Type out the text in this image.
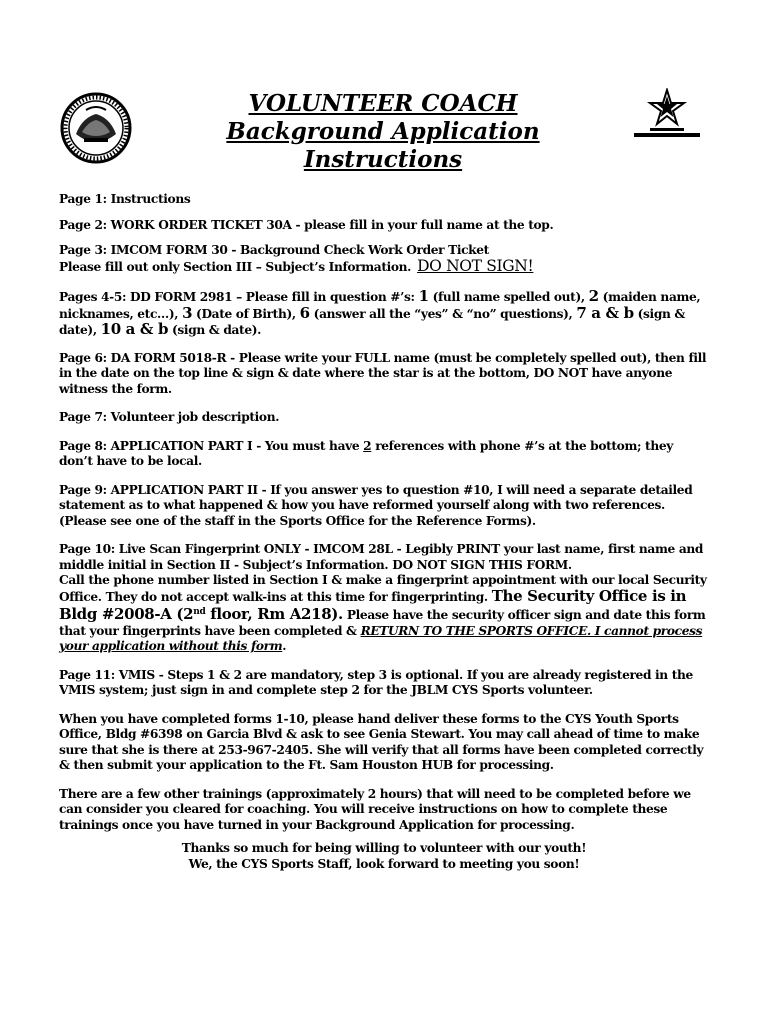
VOLUNTEER COACH
Background Application
Instructions

Page 1: Instructions

Page 2: WORK ORDER TICKET 30A - please fill in your full name at the top.

Page 3: IMCOM FORM 30 - Background Check Work Order Ticket
Please fill out only Section III – Subject’s Information. DO NOT SIGN!

Pages 4-5: DD FORM 2981 – Please fill in question #’s: 1 (full name spelled out), 2 (maiden name, nicknames, etc…), 3 (Date of Birth), 6 (answer all the “yes” & “no” questions), 7 a & b (sign & date), 10 a & b (sign & date).

Page 6: DA FORM 5018-R - Please write your FULL name (must be completely spelled out), then fill in the date on the top line & sign & date where the star is at the bottom, DO NOT have anyone witness the form.

Page 7: Volunteer job description.

Page 8: APPLICATION PART I - You must have 2 references with phone #’s at the bottom; they don’t have to be local.

Page 9: APPLICATION PART II - If you answer yes to question #10, I will need a separate detailed statement as to what happened & how you have reformed yourself along with two references. (Please see one of the staff in the Sports Office for the Reference Forms).

Page 10: Live Scan Fingerprint ONLY - IMCOM 28L - Legibly PRINT your last name, first name and middle initial in Section II - Subject’s Information. DO NOT SIGN THIS FORM.
Call the phone number listed in Section I & make a fingerprint appointment with our local Security Office. They do not accept walk-ins at this time for fingerprinting. The Security Office is in Bldg #2008-A (2nd floor, Rm A218). Please have the security officer sign and date this form that your fingerprints have been completed & RETURN TO THE SPORTS OFFICE. I cannot process your application without this form.

Page 11: VMIS - Steps 1 & 2 are mandatory, step 3 is optional. If you are already registered in the VMIS system; just sign in and complete step 2 for the JBLM CYS Sports volunteer.

When you have completed forms 1-10, please hand deliver these forms to the CYS Youth Sports Office, Bldg #6398 on Garcia Blvd & ask to see Genia Stewart. You may call ahead of time to make sure that she is there at 253-967-2405. She will verify that all forms have been completed correctly & then submit your application to the Ft. Sam Houston HUB for processing.

There are a few other trainings (approximately 2 hours) that will need to be completed before we can consider you cleared for coaching. You will receive instructions on how to complete these trainings once you have turned in your Background Application for processing.

Thanks so much for being willing to volunteer with our youth!
We, the CYS Sports Staff, look forward to meeting you soon!
